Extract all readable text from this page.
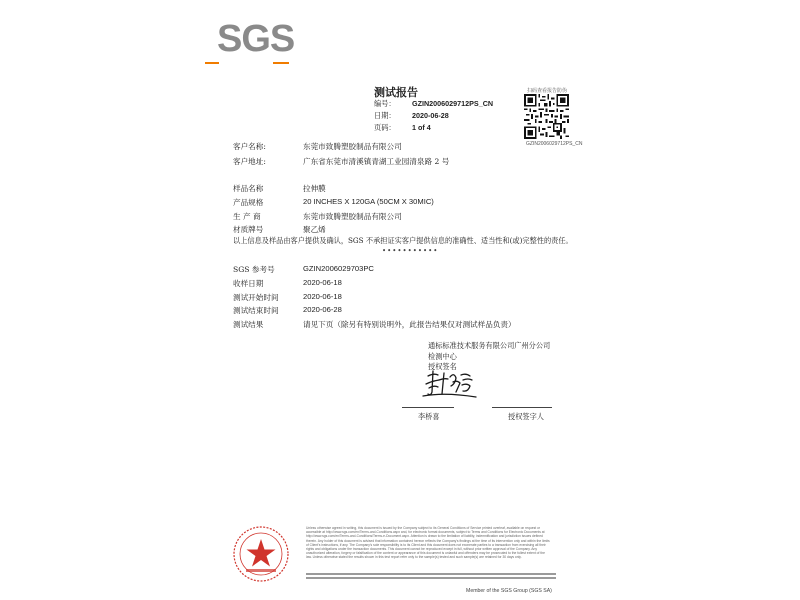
SGS
测试报告
编号： GZIN2006029712PS_CN
日期： 2020-06-28
页码： 1 of 4
扫码查看报告防伪
GZIN2006029712PS_CN
客户名称:	东莞市致腾塑胶制品有限公司
客户地址:	广东省东莞市清溪镇青湖工业园清泉路 2 号
样品名称	拉伸膜
产品规格	20 INCHES X 120GA (50CM X 30MIC)
生 产 商	东莞市致腾塑胶制品有限公司
材质牌号	聚乙烯
以上信息及样品由客户提供及确认，SGS 不承担证实客户提供信息的准确性、适当性和(或)完整性的责任。
•••••••••••
SGS 参考号	GZIN2006029703PC
收样日期	2020-06-18
测试开始时间	2020-06-18
测试结束时间	2020-06-28
测试结果	请见下页（除另有特别说明外，此报告结果仅对测试样品负责）
通标标准技术服务有限公司广州分公司
检测中心
授权签名
李桥喜	授权签字人
Unless otherwise agreed in writing, this document is issued by the Company subject to its General Conditions of Service printed overleaf, available on request or accessible at http://www.sgs.com/en/Terms-and-Conditions.aspx and, for electronic format documents, subject to Terms and Conditions for Electronic Documents at http://www.sgs.com/en/Terms-and-Conditions/Terms-e-Document.aspx. Attention is drawn to the limitation of liability, indemnification and jurisdiction issues defined therein. Any holder of this document is advised that information contained hereon reflects the Company's findings at the time of its intervention only and within the limits of Client's instructions, if any. The Company's sole responsibility is to its Client and this document does not exonerate parties to a transaction from exercising all their rights and obligations under the transaction documents. This document cannot be reproduced except in full, without prior written approval of the Company. Any unauthorized alteration, forgery or falsification of the content or appearance of this document is unlawful and offenders may be prosecuted to the fullest extent of the law. Unless otherwise stated the results shown in this test report refer only to the sample(s) tested and such sample(s) are retained for 30 days only.
Member of the SGS Group (SGS SA)
